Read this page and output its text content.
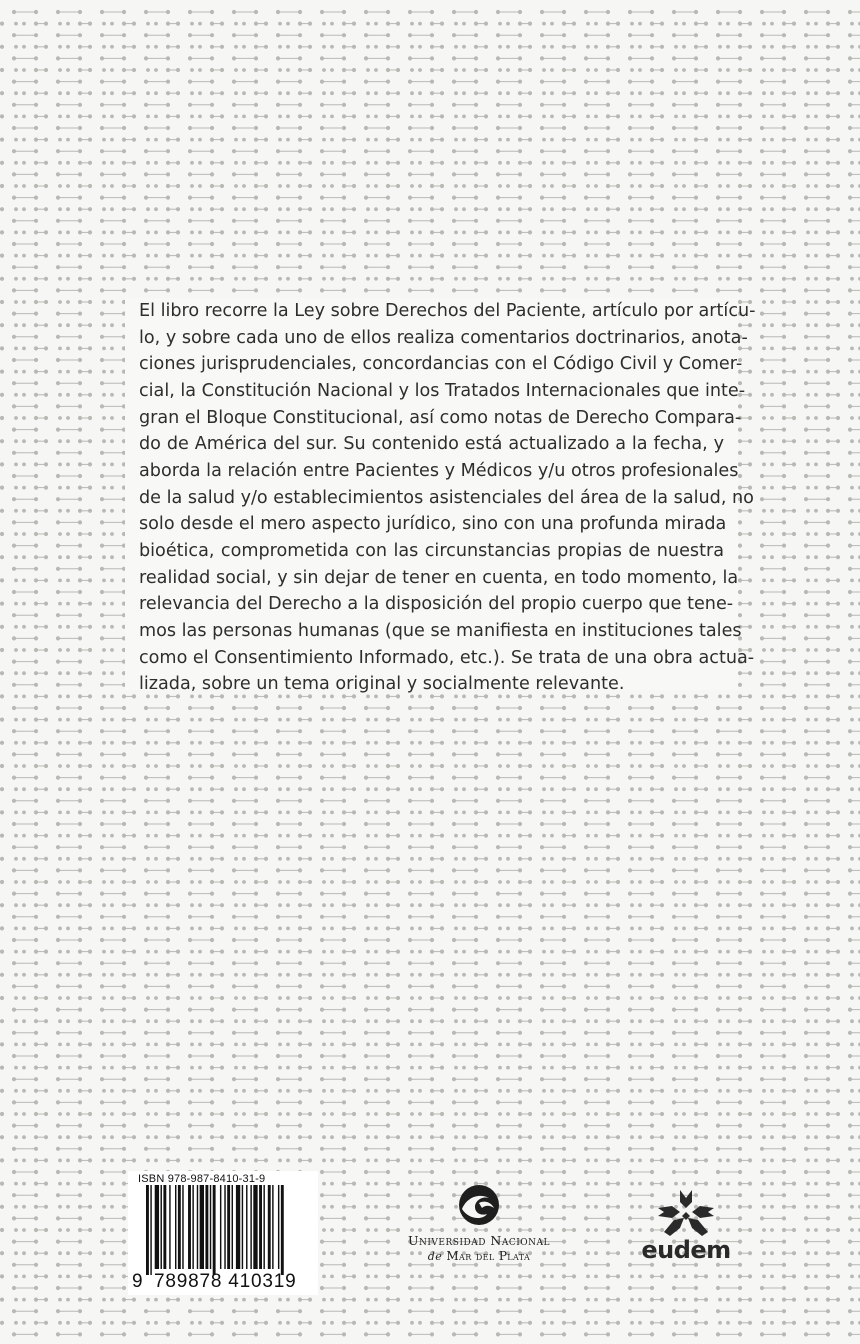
El libro recorre la Ley sobre Derechos del Paciente, artículo por artícu-
lo, y sobre cada uno de ellos realiza comentarios doctrinarios, anota-
ciones jurisprudenciales, concordancias con el Código Civil y Comer-
cial, la Constitución Nacional y los Tratados Internacionales que inte-
gran el Bloque Constitucional, así como notas de Derecho Compara-
do de América del sur. Su contenido está actualizado a la fecha, y
aborda la relación entre Pacientes y Médicos y/u otros profesionales
de la salud y/o establecimientos asistenciales del área de la salud, no
solo desde el mero aspecto jurídico, sino con una profunda mirada
bioética, comprometida con las circunstancias propias de nuestra
realidad social, y sin dejar de tener en cuenta, en todo momento, la
relevancia del Derecho a la disposición del propio cuerpo que tene-
mos las personas humanas (que se manifiesta en instituciones tales
como el Consentimiento Informado, etc.). Se trata de una obra actua-
lizada, sobre un tema original y socialmente relevante.

ISBN 978-987-8410-31-9
9 789878 410319
Universidad Nacional
de Mar del Plata	eudem
